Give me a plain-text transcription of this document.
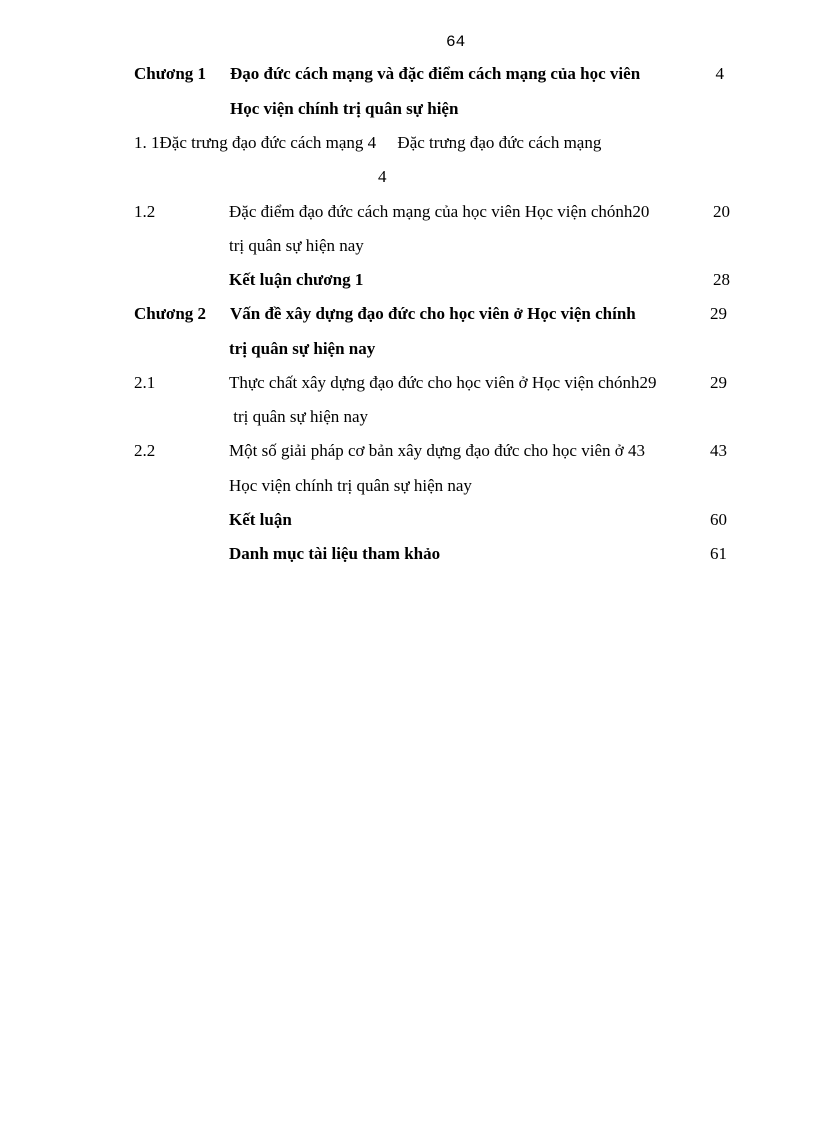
64
Chương 1 Đạo đức cách mạng và đặc điểm cách mạng của học viên	4
Học viện chính trị quân sự hiện
1. 1Đặc trưng đạo đức cách mạng 4     Đặc trưng đạo đức cách mạng
4
1.2	Đặc điểm đạo đức cách mạng của học viên Học viện chónh20	20
trị quân sự hiện nay
Kết luận chương 1	28
Chương 2 Vấn đề xây dựng đạo đức cho học viên ở Học viện chính	29
trị quân sự hiện nay
2.1	Thực chất xây dựng đạo đức cho học viên ở Học viện chónh29	29
trị quân sự hiện nay
2.2	Một số giải pháp cơ bản xây dựng đạo đức cho học viên ở 43	43
Học viện chính trị quân sự hiện nay
Kết luận	60
Danh mục tài liệu tham khảo	61
